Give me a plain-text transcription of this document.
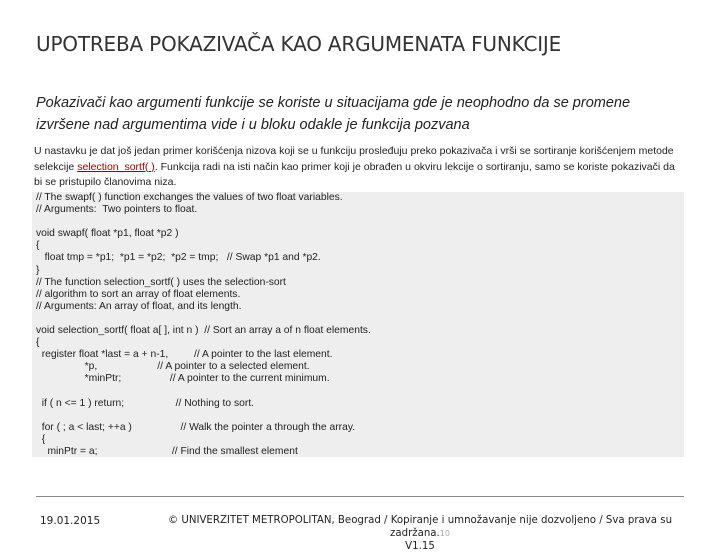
UPOTREBA POKAZIVAČA KAO ARGUMENATA FUNKCIJE
Pokazivači kao argumenti funkcije se koriste u situacijama gde je neophodno da se promene izvršene nad argumentima vide i u bloku odakle je funkcija pozvana
U nastavku je dat još jedan primer korišćenja nizova koji se u funkciju prosleđuju preko pokazivača i vrši se sortiranje korišćenjem metode selekcije selection_sortf( ). Funkcija radi na isti način kao primer koji je obrađen u okviru lekcije o sortiranju, samo se koriste pokazivači da bi se pristupilo članovima niza.
// The swapf( ) function exchanges the values of two float variables.
// Arguments:  Two pointers to float.

void swapf( float *p1, float *p2 )
{
float tmp = *p1;  *p1 = *p2;  *p2 = tmp;   // Swap *p1 and *p2.
}
// The function selection_sortf( ) uses the selection-sort
// algorithm to sort an array of float elements.
// Arguments: An array of float, and its length.

void selection_sortf( float a[ ], int n )  // Sort an array a of n float elements.
{
register float *last = a + n-1,         // A pointer to the last element.
*p,                     // A pointer to a selected element.
*minPtr;                 // A pointer to the current minimum.

if ( n <= 1 ) return;                  // Nothing to sort.

for ( ; a < last; ++a )                 // Walk the pointer a through the array.
{
minPtr = a;                          // Find the smallest element
19.01.2015	© UNIVERZITET METROPOLITAN, Beograd / Kopiranje i umnožavanje nije dozvoljeno / Sva prava su zadržana.10
V1.15
